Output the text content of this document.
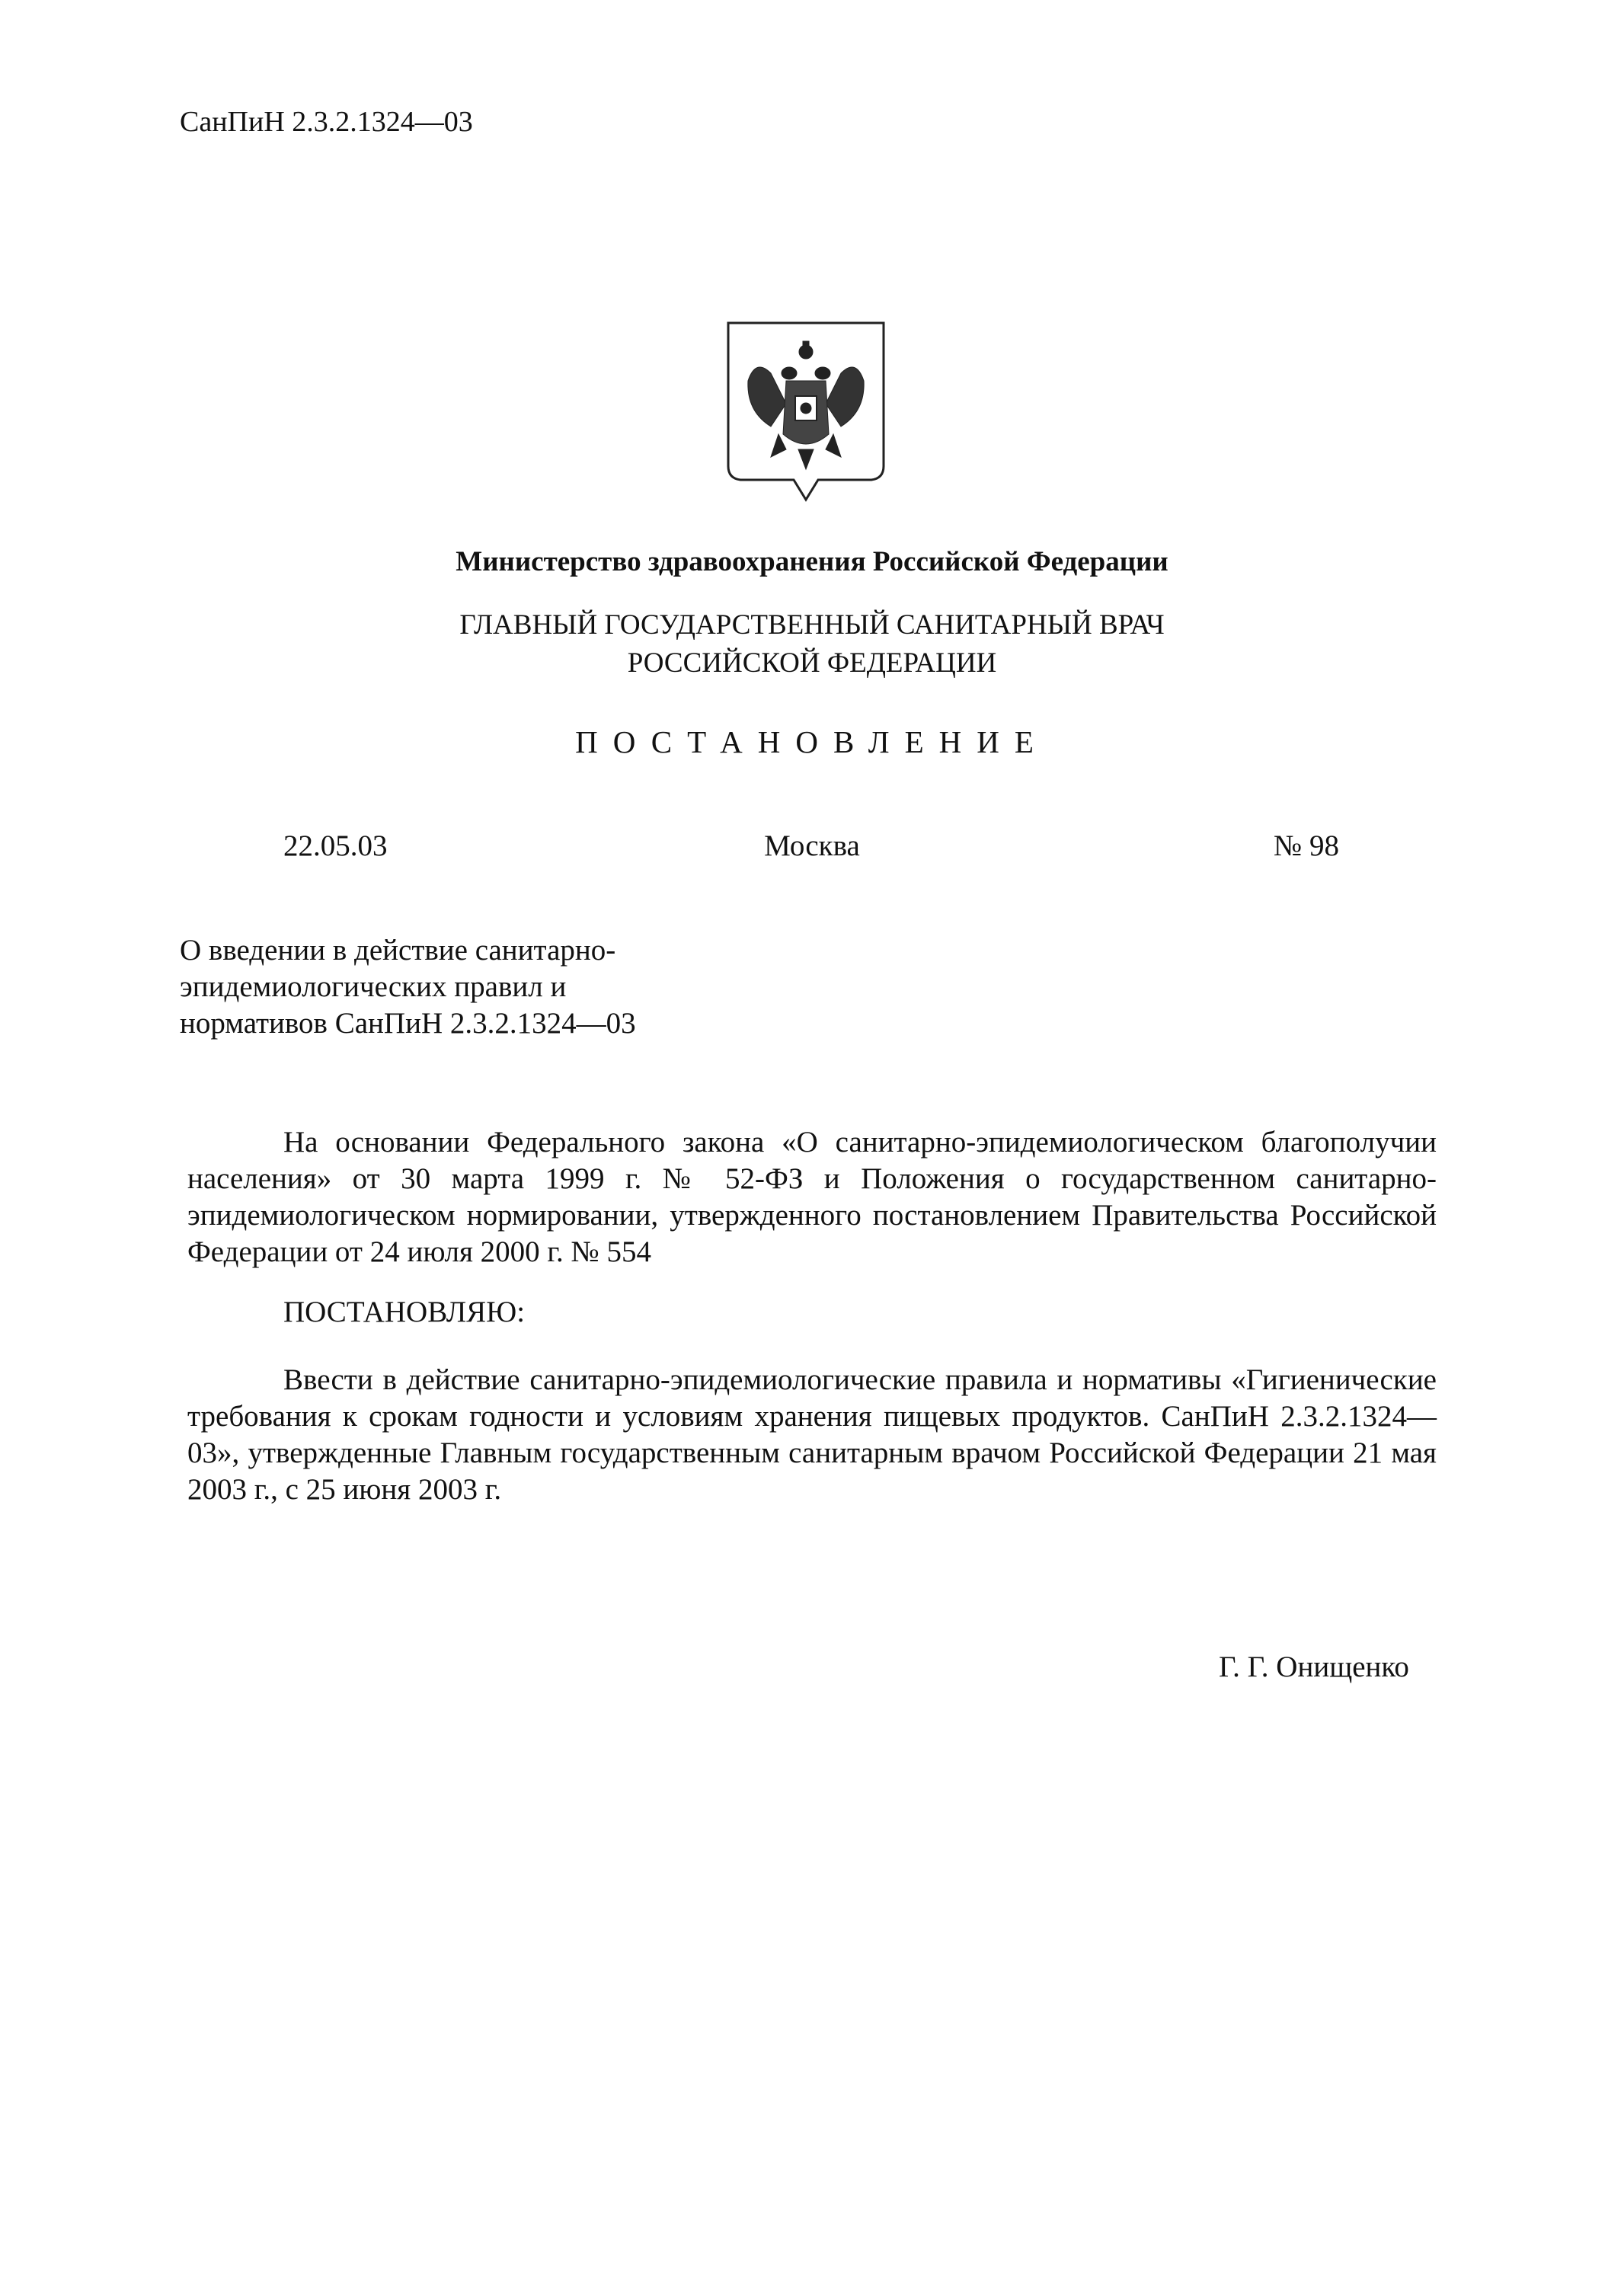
СанПиН 2.3.2.1324—03
Министерство здравоохранения Российской Федерации
ГЛАВНЫЙ ГОСУДАРСТВЕННЫЙ САНИТАРНЫЙ ВРАЧ
РОССИЙСКОЙ ФЕДЕРАЦИИ
ПОСТАНОВЛЕНИЕ
22.05.03	Москва	№ 98
О введении в действие санитарно-
эпидемиологических правил и
нормативов СанПиН 2.3.2.1324—03
На основании Федерального закона «О санитарно-эпидемиологическом благополучии населения» от 30 марта 1999 г. № 52-ФЗ и Положения о государственном санитарно-эпидемиологическом нормировании, утвержденного постановлением Правительства Российской Федерации от 24 июля 2000 г. № 554
ПОСТАНОВЛЯЮ:
Ввести в действие санитарно-эпидемиологические правила и нормативы «Гигиенические требования к срокам годности и условиям хранения пищевых продуктов. СанПиН 2.3.2.1324—03», утвержденные Главным государственным санитарным врачом Российской Федерации 21 мая 2003 г., с 25 июня 2003 г.
Г. Г. Онищенко
